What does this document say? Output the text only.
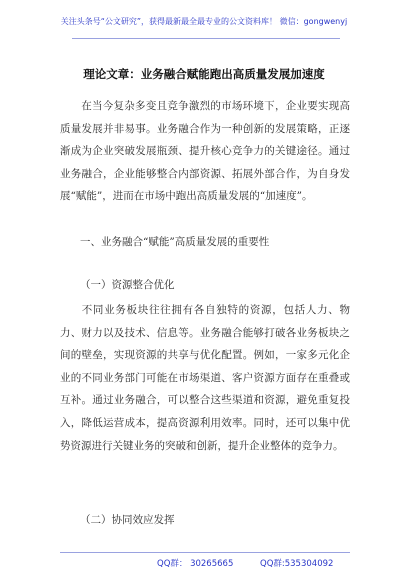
关注头条号“公文研究”，获得最新最全最专业的公文资料库！ 微信：gongwenyj
理论文章：业务融合赋能跑出高质量发展加速度
在当今复杂多变且竞争激烈的市场环境下，企业要实现高质量发展并非易事。业务融合作为一种创新的发展策略，正逐渐成为企业突破发展瓶颈、提升核心竞争力的关键途径。通过业务融合，企业能够整合内部资源、拓展外部合作，为自身发展“赋能”，进而在市场中跑出高质量发展的“加速度”。
一、业务融合“赋能”高质量发展的重要性
（一）资源整合优化
不同业务板块往往拥有各自独特的资源，包括人力、物力、财力以及技术、信息等。业务融合能够打破各业务板块之间的壁垒，实现资源的共享与优化配置。例如，一家多元化企业的不同业务部门可能在市场渠道、客户资源方面存在重叠或互补。通过业务融合，可以整合这些渠道和资源，避免重复投入，降低运营成本，提高资源利用效率。同时，还可以集中优势资源进行关键业务的突破和创新，提升企业整体的竞争力。
（二）协同效应发挥
QQ群： 30265665	QQ群:535304092
